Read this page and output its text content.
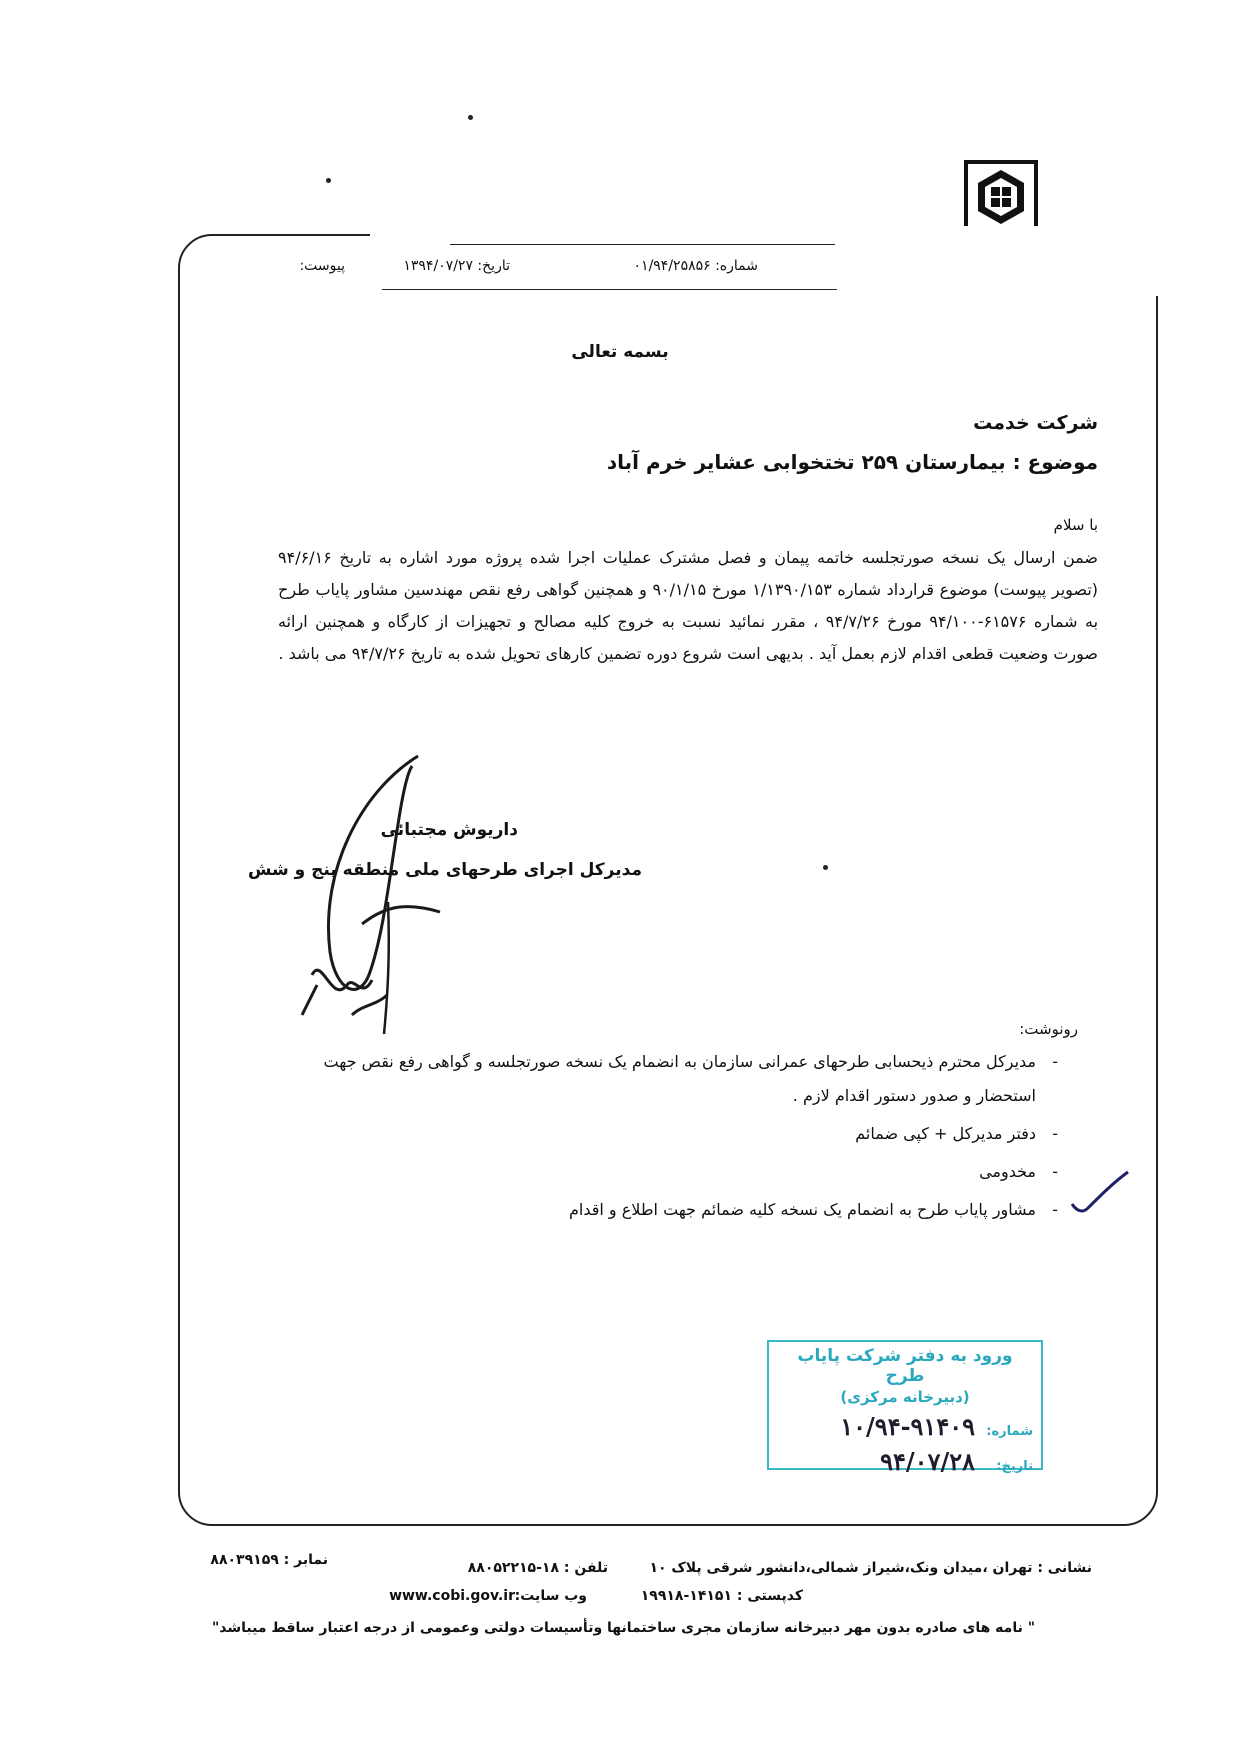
شماره: ۰۱/۹۴/۲۵۸۵۶
تاریخ: ۱۳۹۴/۰۷/۲۷
پیوست:
بسمه تعالی
شرکت خدمت
موضوع : بیمارستان ۲۵۹ تختخوابی عشایر خرم آباد
با سلام

ضمن ارسال یک نسخه صورتجلسه خاتمه پیمان و فصل مشترک عملیات اجرا شده پروژه مورد اشاره به تاریخ ۹۴/۶/۱۶ (تصویر پیوست) موضوع قرارداد شماره ۱/۱۳۹۰/۱۵۳ مورخ ۹۰/۱/۱۵ و همچنین گواهی رفع نقص مهندسین مشاور پایاب طرح به شماره ۶۱۵۷۶-۹۴/۱۰۰ مورخ ۹۴/۷/۲۶ ، مقرر نمائید نسبت به خروج کلیه مصالح و تجهیزات از کارگاه و همچنین ارائه صورت وضعیت قطعی اقدام لازم بعمل آید . بدیهی است شروع دوره تضمین کارهای تحویل شده به تاریخ ۹۴/۷/۲۶ می باشد .

داریوش مجتبائی
مدیرکل اجرای طرحهای ملی منطقه پنج و شش
رونوشت:
- مدیرکل محترم ذیحسابی طرحهای عمرانی سازمان به انضمام یک نسخه صورتجلسه و گواهی رفع نقص جهت استحضار و صدور دستور اقدام لازم .
- دفتر مدیرکل + کپی ضمائم
- مخدومی
- مشاور پایاب طرح به انضمام یک نسخه کلیه ضمائم جهت اطلاع و اقدام
ورود به دفتر شرکت پایاب طرح
(دبیرخانه مرکزی)
شماره:
۱۰/۹۴-۹۱۴۰۹
تاریخ:
۹۴/۰۷/۲۸
نشانی : تهران ،میدان ونک،شیراز شمالی،دانشور شرقی پلاک ۱۰
تلفن : ۱۸-۸۸۰۵۲۲۱۵
نمابر : ۸۸۰۳۹۱۵۹
کدپستی : ۱۴۱۵۱-۱۹۹۱۸
وب سایت:
www.cobi.gov.ir
" نامه های صادره بدون مهر دبیرخانه سازمان مجری ساختمانها وتأسیسات دولتی وعمومی از درجه اعتبار ساقط میباشد"
